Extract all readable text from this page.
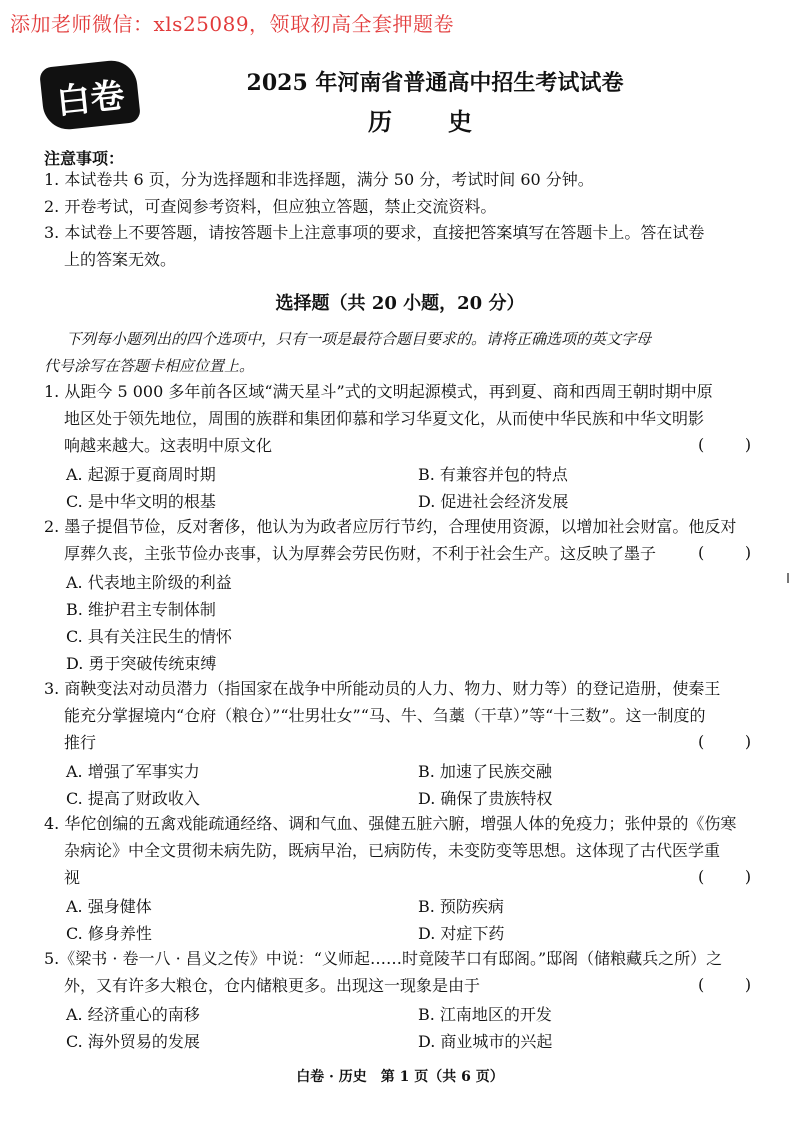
添加老师微信：xls25089，领取初高全套押题卷
白卷	2025 年河南省普通高中招生考试试卷
历史
注意事项：
1. 本试卷共 6 页，分为选择题和非选择题，满分 50 分，考试时间 60 分钟。
2. 开卷考试，可查阅参考资料，但应独立答题，禁止交流资料。
3. 本试卷上不要答题，请按答题卡上注意事项的要求，直接把答案填写在答题卡上。答在试卷
上的答案无效。
选择题（共 20 小题，20 分）
下列每小题列出的四个选项中，只有一项是最符合题目要求的。请将正确选项的英文字母
代号涂写在答题卡相应位置上。
1. 从距今 5 000 多年前各区域“满天星斗”式的文明起源模式，再到夏、商和西周王朝时期中原
地区处于领先地位，周围的族群和集团仰慕和学习华夏文化，从而使中华民族和中华文明影
响越来越大。这表明中原文化	(        )
A. 起源于夏商周时期	B. 有兼容并包的特点
C. 是中华文明的根基	D. 促进社会经济发展
2. 墨子提倡节俭，反对奢侈，他认为为政者应厉行节约，合理使用资源，以增加社会财富。他反对
厚葬久丧，主张节俭办丧事，认为厚葬会劳民伤财，不利于社会生产。这反映了墨子	(        )
A. 代表地主阶级的利益
B. 维护君主专制体制
C. 具有关注民生的情怀
D. 勇于突破传统束缚
3. 商鞅变法对动员潜力（指国家在战争中所能动员的人力、物力、财力等）的登记造册，使秦王
能充分掌握境内“仓府（粮仓）”“壮男壮女”“马、牛、刍藁（干草）”等“十三数”。这一制度的
推行	(        )
A. 增强了军事实力	B. 加速了民族交融
C. 提高了财政收入	D. 确保了贵族特权
4. 华佗创编的五禽戏能疏通经络、调和气血、强健五脏六腑，增强人体的免疫力；张仲景的《伤寒
杂病论》中全文贯彻未病先防，既病早治，已病防传，未变防变等思想。这体现了古代医学重
视	(        )
A. 强身健体	B. 预防疾病
C. 修身养性	D. 对症下药
5.《梁书 · 卷一八 · 昌义之传》中说：“义师起……时竟陵芊口有邸阁。”邸阁（储粮藏兵之所）之
外，又有许多大粮仓，仓内储粮更多。出现这一现象是由于	(        )
A. 经济重心的南移	B. 江南地区的开发
C. 海外贸易的发展	D. 商业城市的兴起
白卷 · 历史　第 1 页（共 6 页）
